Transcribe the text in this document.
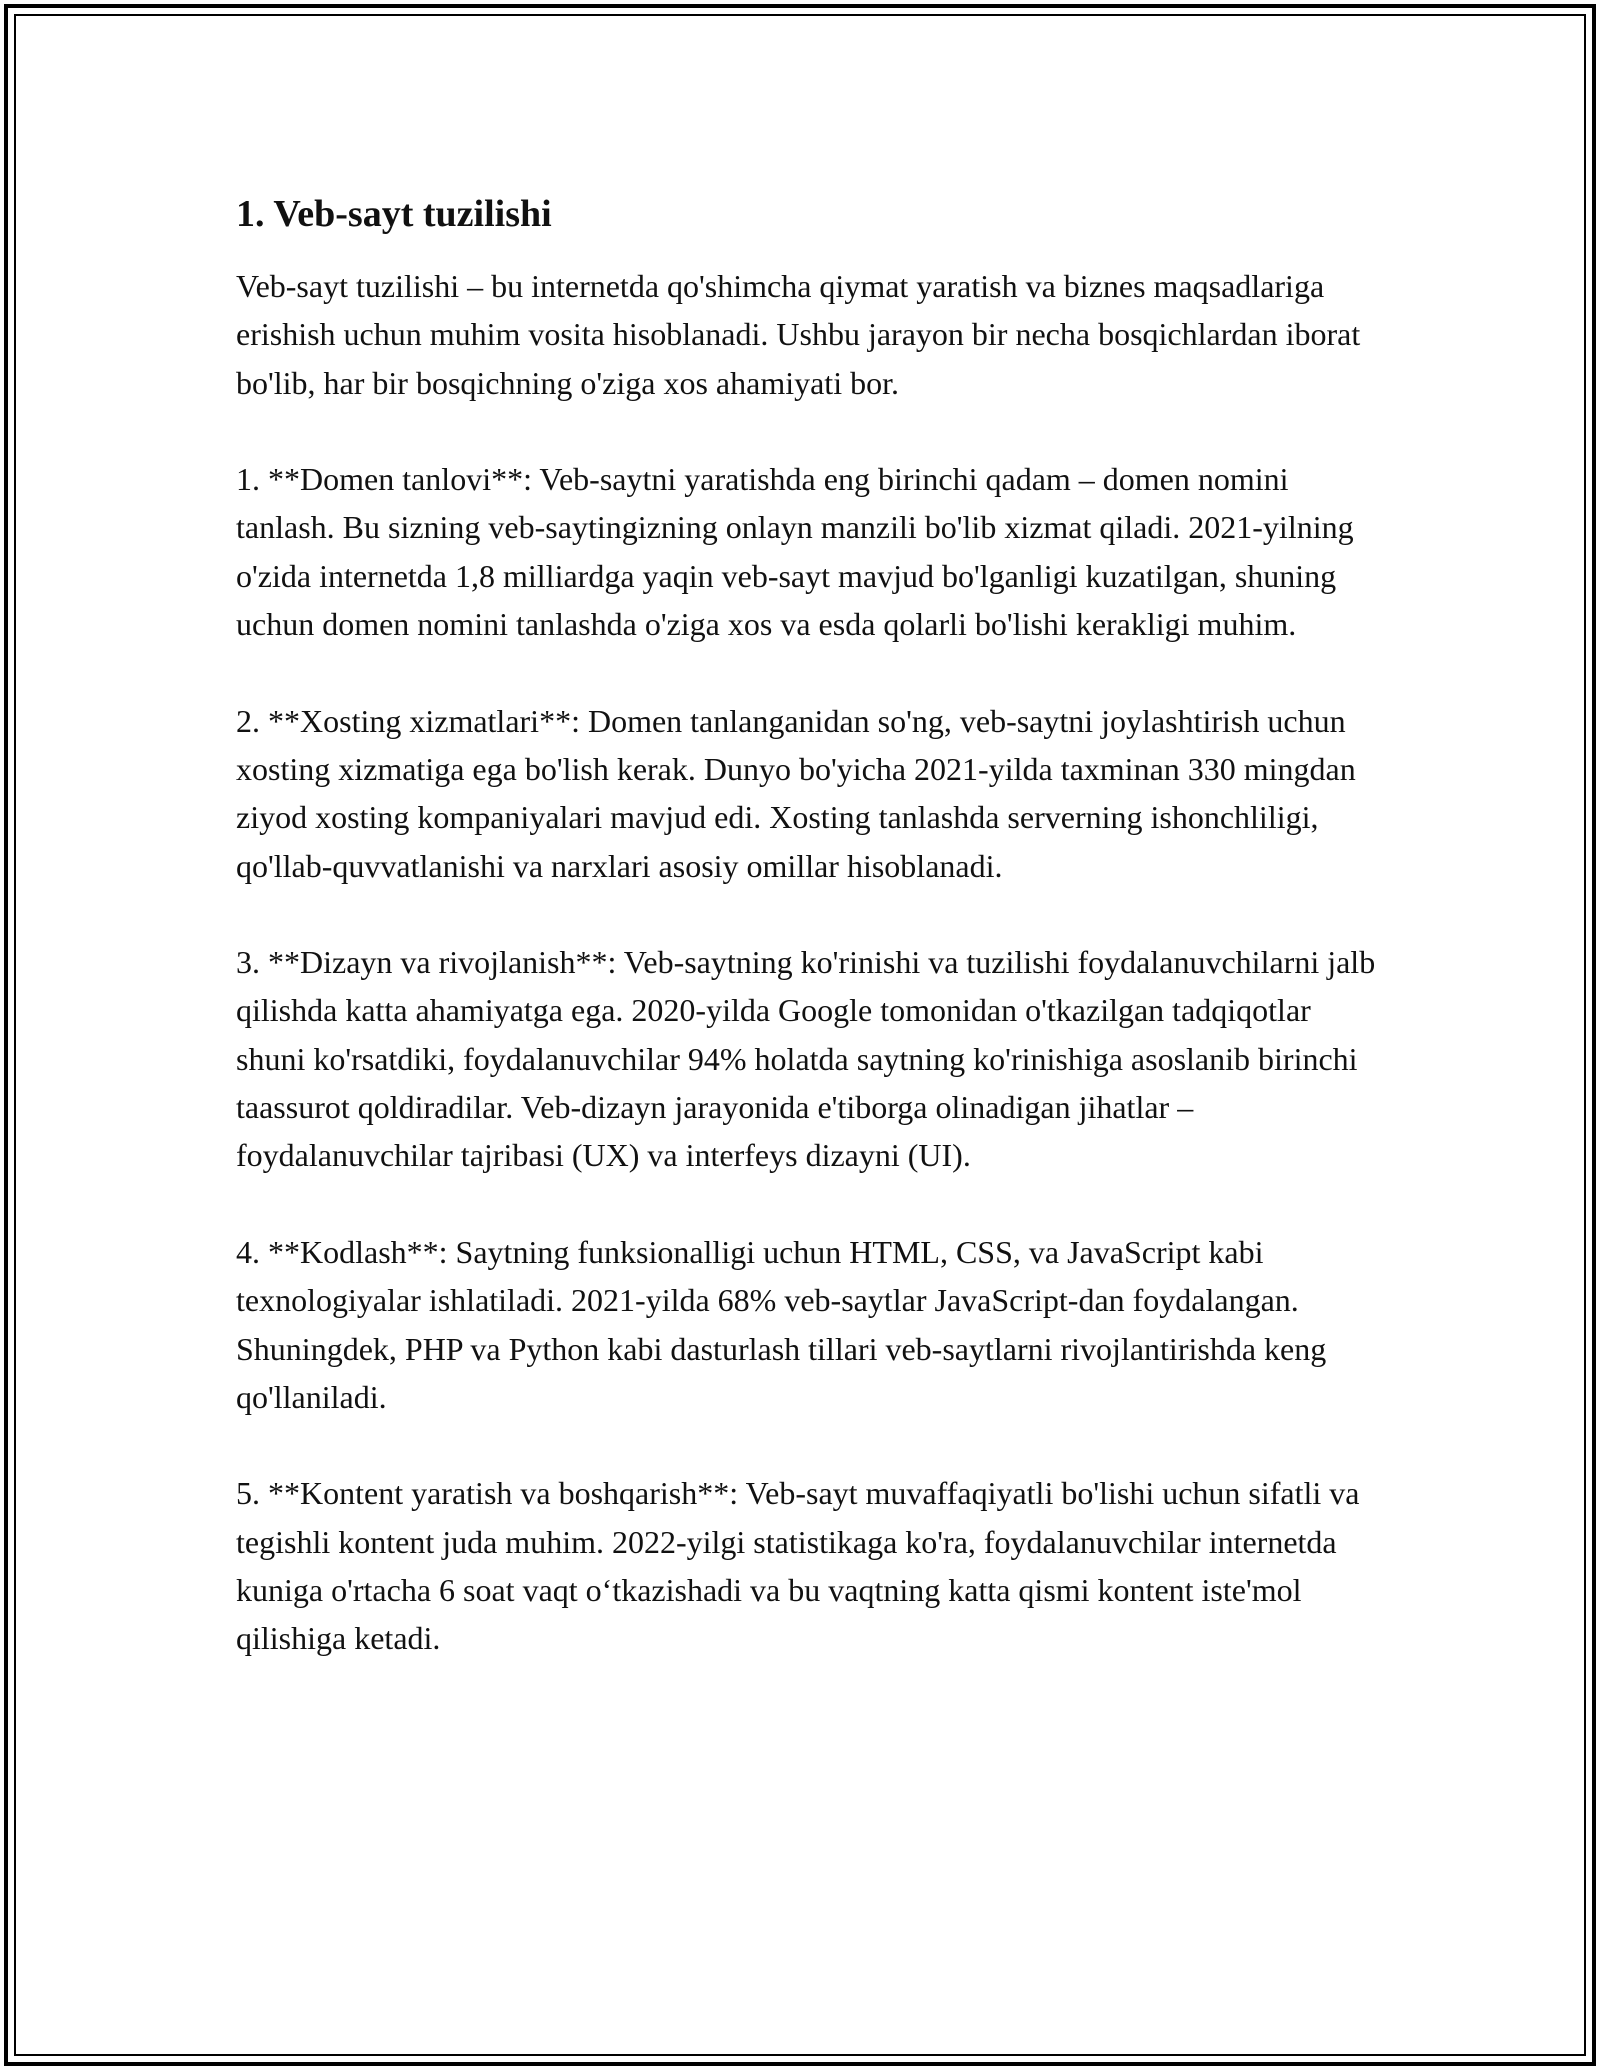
1. Veb-sayt tuzilishi

Veb-sayt tuzilishi – bu internetda qo'shimcha qiymat yaratish va biznes maqsadlariga erishish uchun muhim vosita hisoblanadi. Ushbu jarayon bir necha bosqichlardan iborat bo'lib, har bir bosqichning o'ziga xos ahamiyati bor.

1. **Domen tanlovi**: Veb-saytni yaratishda eng birinchi qadam – domen nomini tanlash. Bu sizning veb-saytingizning onlayn manzili bo'lib xizmat qiladi. 2021-yilning o'zida internetda 1,8 milliardga yaqin veb-sayt mavjud bo'lganligi kuzatilgan, shuning uchun domen nomini tanlashda o'ziga xos va esda qolarli bo'lishi kerakligi muhim.

2. **Xosting xizmatlari**: Domen tanlanganidan so'ng, veb-saytni joylashtirish uchun xosting xizmatiga ega bo'lish kerak. Dunyo bo'yicha 2021-yilda taxminan 330 mingdan ziyod xosting kompaniyalari mavjud edi. Xosting tanlashda serverning ishonchliligi, qo'llab-quvvatlanishi va narxlari asosiy omillar hisoblanadi.

3. **Dizayn va rivojlanish**: Veb-saytning ko'rinishi va tuzilishi foydalanuvchilarni jalb qilishda katta ahamiyatga ega. 2020-yilda Google tomonidan o'tkazilgan tadqiqotlar shuni ko'rsatdiki, foydalanuvchilar 94% holatda saytning ko'rinishiga asoslanib birinchi taassurot qoldiradilar. Veb-dizayn jarayonida e'tiborga olinadigan jihatlar – foydalanuvchilar tajribasi (UX) va interfeys dizayni (UI).

4. **Kodlash**: Saytning funksionalligi uchun HTML, CSS, va JavaScript kabi texnologiyalar ishlatiladi. 2021-yilda 68% veb-saytlar JavaScript-dan foydalangan. Shuningdek, PHP va Python kabi dasturlash tillari veb-saytlarni rivojlantirishda keng qo'llaniladi.

5. **Kontent yaratish va boshqarish**: Veb-sayt muvaffaqiyatli bo'lishi uchun sifatli va tegishli kontent juda muhim. 2022-yilgi statistikaga ko'ra, foydalanuvchilar internetda kuniga o'rtacha 6 soat vaqt o‘tkazishadi va bu vaqtning katta qismi kontent iste'mol qilishiga ketadi.
